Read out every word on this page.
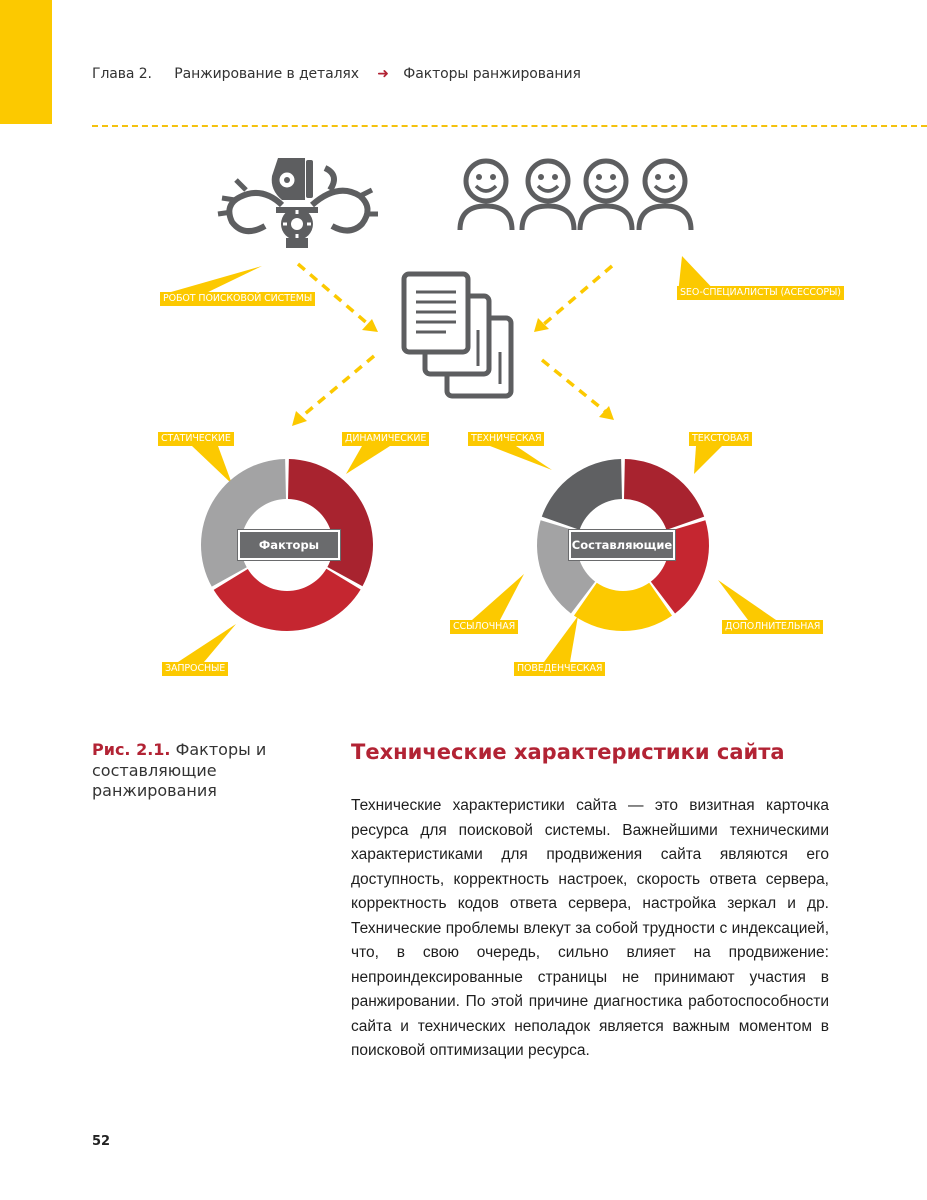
Глава 2. Ранжирование в деталях ➜ Факторы ранжирования
РОБОТ ПОИСКОВОЙ СИСТЕМЫ
SEO-СПЕЦИАЛИСТЫ (АСЕССОРЫ)
СТАТИЧЕСКИЕ	ДИНАМИЧЕСКИЕ
ЗАПРОСНЫЕ
Факторы
ТЕХНИЧЕСКАЯ	ТЕКСТОВАЯ
ССЫЛОЧНАЯ	ДОПОЛНИТЕЛЬНАЯ
ПОВЕДЕНЧЕСКАЯ
Составляющие
Рис. 2.1. Факторы и составляющие ранжирования
Технические характеристики сайта
Технические характеристики сайта — это визитная карточка ресурса для поисковой системы. Важнейшими техническими характеристиками для продвижения сайта являются его доступность, корректность настроек, скорость ответа сервера, корректность кодов ответа сервера, настройка зеркал и др. Технические проблемы влекут за собой трудности с индексацией, что, в свою очередь, сильно влияет на продвижение: непроиндексированные страницы не принимают участия в ранжировании. По этой причине диагностика работоспособности сайта и технических неполадок является важным моментом в поисковой оптимизации ресурса.
52
